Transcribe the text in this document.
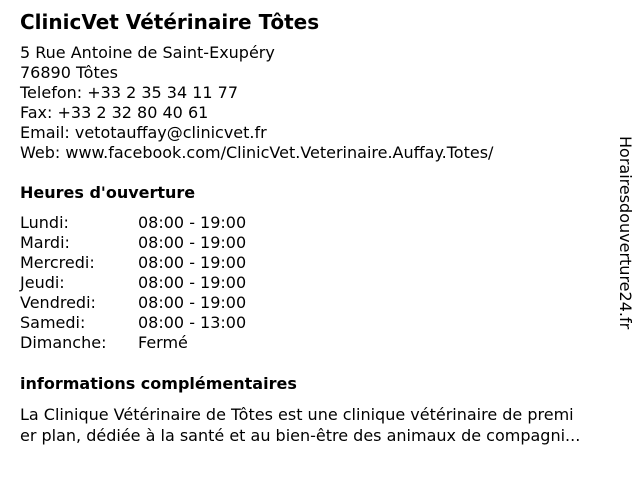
ClinicVet Vétérinaire Tôtes
5 Rue Antoine de Saint-Exupéry
76890 Tôtes
Telefon: +33 2 35 34 11 77
Fax: +33 2 32 80 40 61
Email: vetotauffay@clinicvet.fr
Web: www.facebook.com/ClinicVet.Veterinaire.Auffay.Totes/
Heures d'ouverture
Lundi:	08:00 - 19:00
Mardi:	08:00 - 19:00
Mercredi:	08:00 - 19:00
Jeudi:	08:00 - 19:00
Vendredi:	08:00 - 19:00
Samedi:	08:00 - 13:00
Dimanche:	Fermé
informations complémentaires
La Clinique Vétérinaire de Tôtes est une clinique vétérinaire de premi
er plan, dédiée à la santé et au bien-être des animaux de compagni...
Horairesdouverture24.fr
